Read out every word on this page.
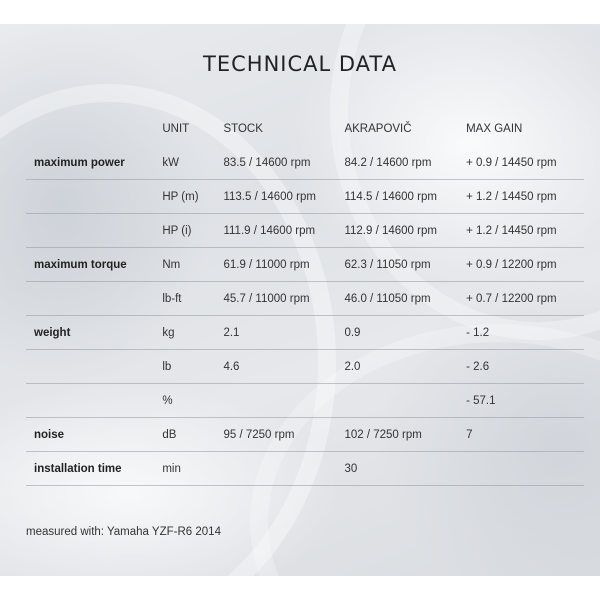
TECHNICAL DATA
	UNIT	STOCK	AKRAPOVIČ	MAX GAIN
maximum power	kW	83.5 / 14600 rpm	84.2 / 14600 rpm	+ 0.9 / 14450 rpm
	HP (m)	113.5 / 14600 rpm	114.5 / 14600 rpm	+ 1.2 / 14450 rpm
	HP (i)	111.9 / 14600 rpm	112.9 / 14600 rpm	+ 1.2 / 14450 rpm
maximum torque	Nm	61.9 / 11000 rpm	62.3 / 11050 rpm	+ 0.9 / 12200 rpm
	lb-ft	45.7 / 11000 rpm	46.0 / 11050 rpm	+ 0.7 / 12200 rpm
weight	kg	2.1	0.9	- 1.2
	lb	4.6	2.0	- 2.6
	%			- 57.1
noise	dB	95 / 7250 rpm	102 / 7250 rpm	7
installation time	min		30	
measured with: Yamaha YZF-R6 2014
